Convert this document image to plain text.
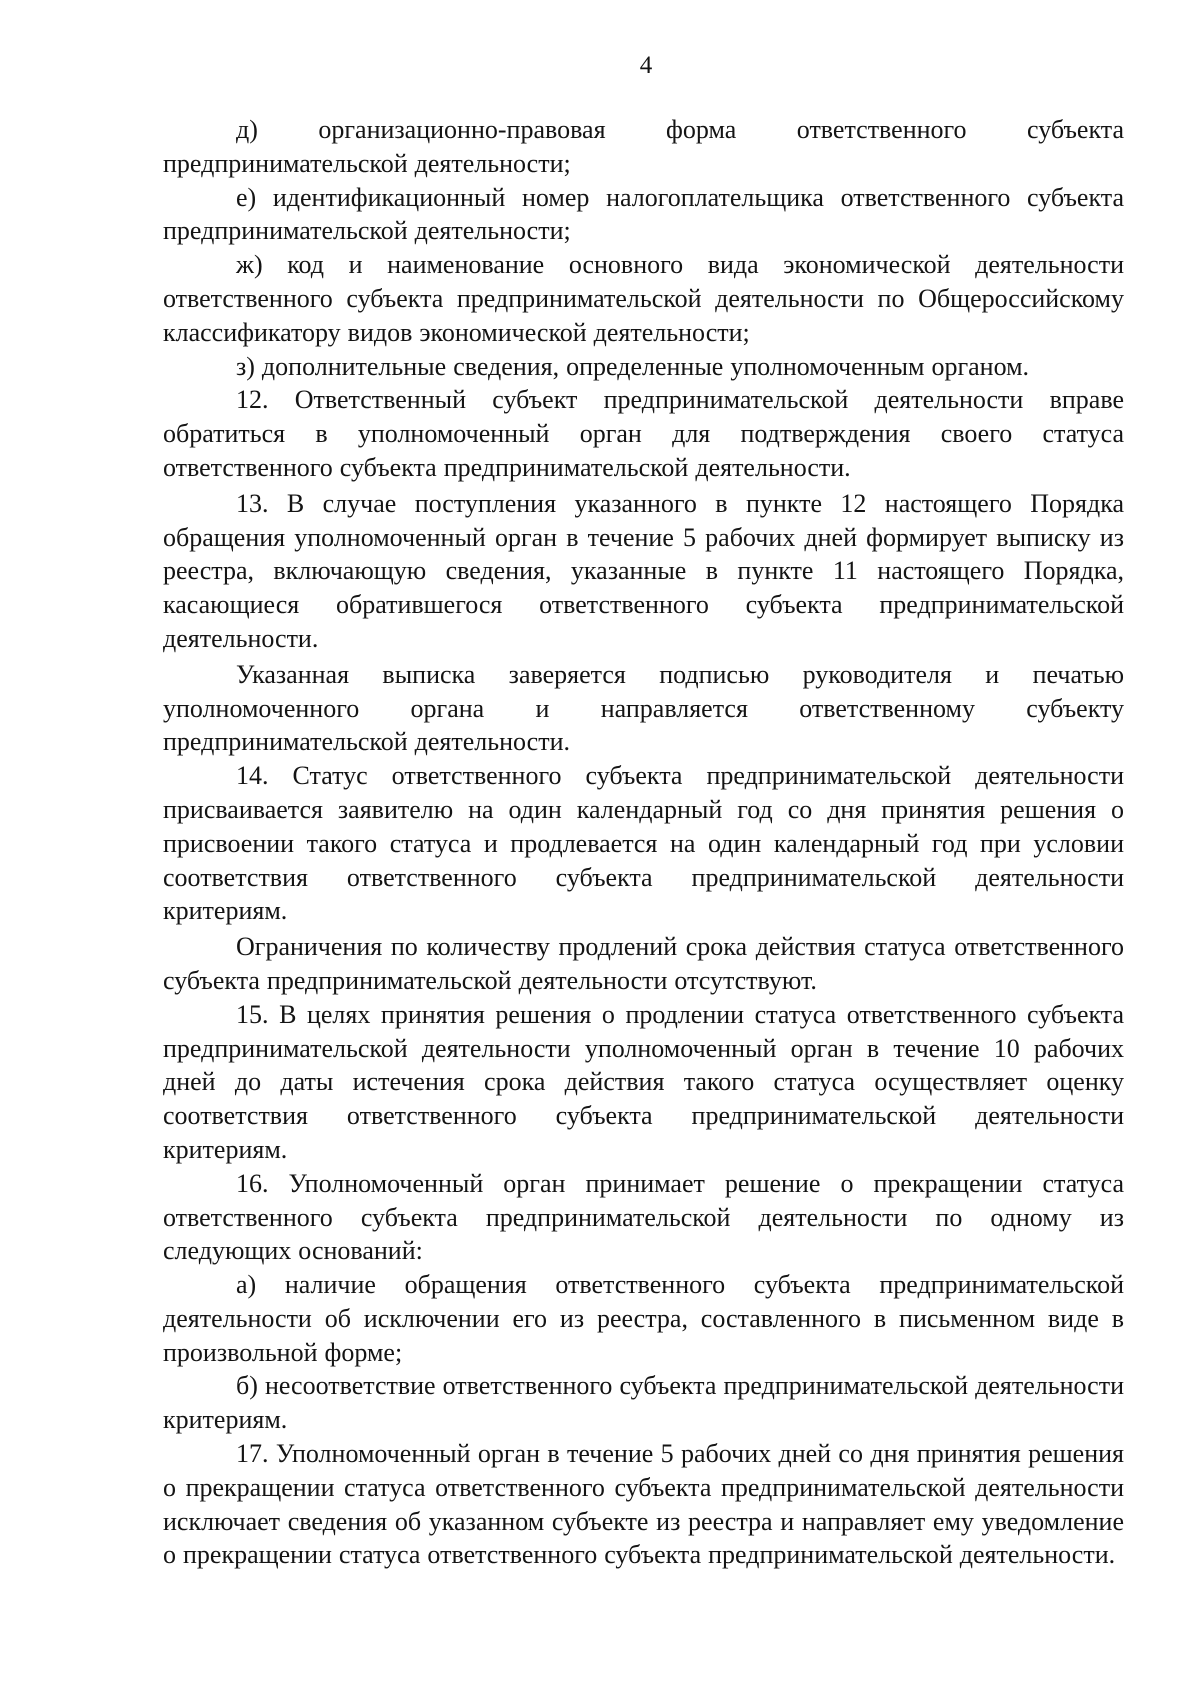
4

д) организационно-правовая форма ответственного субъекта предпринимательской деятельности;

е) идентификационный номер налогоплательщика ответственного субъекта предпринимательской деятельности;

ж) код и наименование основного вида экономической деятельности ответственного субъекта предпринимательской деятельности по Общероссийскому классификатору видов экономической деятельности;

з) дополнительные сведения, определенные уполномоченным органом.

12. Ответственный субъект предпринимательской деятельности вправе обратиться в уполномоченный орган для подтверждения своего статуса ответственного субъекта предпринимательской деятельности.

13. В случае поступления указанного в пункте 12 настоящего Порядка обращения уполномоченный орган в течение 5 рабочих дней формирует выписку из реестра, включающую сведения, указанные в пункте 11 настоящего Порядка, касающиеся обратившегося ответственного субъекта предпринимательской деятельности.

Указанная выписка заверяется подписью руководителя и печатью уполномоченного органа и направляется ответственному субъекту предпринимательской деятельности.

14. Статус ответственного субъекта предпринимательской деятельности присваивается заявителю на один календарный год со дня принятия решения о присвоении такого статуса и продлевается на один календарный год при условии соответствия ответственного субъекта предпринимательской деятельности критериям.

Ограничения по количеству продлений срока действия статуса ответственного субъекта предпринимательской деятельности отсутствуют.

15. В целях принятия решения о продлении статуса ответственного субъекта предпринимательской деятельности уполномоченный орган в течение 10 рабочих дней до даты истечения срока действия такого статуса осуществляет оценку соответствия ответственного субъекта предпринимательской деятельности критериям.

16. Уполномоченный орган принимает решение о прекращении статуса ответственного субъекта предпринимательской деятельности по одному из следующих оснований:

а) наличие обращения ответственного субъекта предпринимательской деятельности об исключении его из реестра, составленного в письменном виде в произвольной форме;

б) несоответствие ответственного субъекта предпринимательской деятельности критериям.

17. Уполномоченный орган в течение 5 рабочих дней со дня принятия решения о прекращении статуса ответственного субъекта предпринимательской деятельности исключает сведения об указанном субъекте из реестра и направляет ему уведомление о прекращении статуса ответственного субъекта предпринимательской деятельности.
